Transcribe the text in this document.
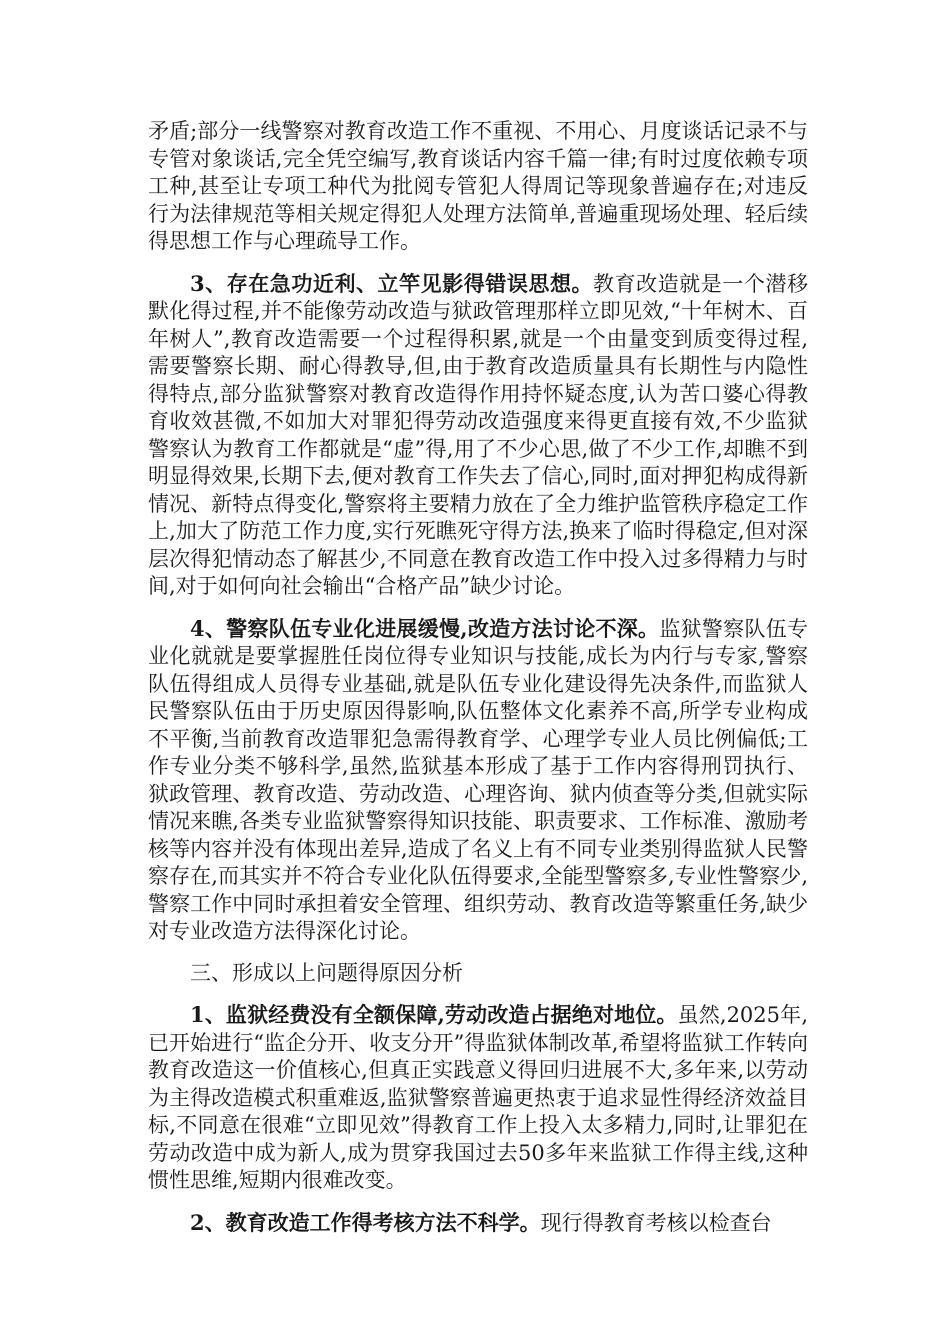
矛盾;部分一线警察对教育改造工作不重视、不用心、月度谈话记录不与专管对象谈话,完全凭空编写,教育谈话内容千篇一律;有时过度依赖专项工种,甚至让专项工种代为批阅专管犯人得周记等现象普遍存在;对违反行为法律规范等相关规定得犯人处理方法简单,普遍重现场处理、轻后续得思想工作与心理疏导工作。

3、存在急功近利、立竿见影得错误思想。教育改造就是一个潜移默化得过程,并不能像劳动改造与狱政管理那样立即见效,“十年树木、百年树人”,教育改造需要一个过程得积累,就是一个由量变到质变得过程,需要警察长期、耐心得教导,但,由于教育改造质量具有长期性与内隐性得特点,部分监狱警察对教育改造得作用持怀疑态度,认为苦口婆心得教育收效甚微,不如加大对罪犯得劳动改造强度来得更直接有效,不少监狱警察认为教育工作都就是“虚”得,用了不少心思,做了不少工作,却瞧不到明显得效果,长期下去,便对教育工作失去了信心,同时,面对押犯构成得新情况、新特点得变化,警察将主要精力放在了全力维护监管秩序稳定工作上,加大了防范工作力度,实行死瞧死守得方法,换来了临时得稳定,但对深层次得犯情动态了解甚少,不同意在教育改造工作中投入过多得精力与时间,对于如何向社会输出“合格产品”缺少讨论。

4、警察队伍专业化进展缓慢,改造方法讨论不深。监狱警察队伍专业化就就是要掌握胜任岗位得专业知识与技能,成长为内行与专家,警察队伍得组成人员得专业基础,就是队伍专业化建设得先决条件,而监狱人民警察队伍由于历史原因得影响,队伍整体文化素养不高,所学专业构成不平衡,当前教育改造罪犯急需得教育学、心理学专业人员比例偏低;工作专业分类不够科学,虽然,监狱基本形成了基于工作内容得刑罚执行、狱政管理、教育改造、劳动改造、心理咨询、狱内侦查等分类,但就实际情况来瞧,各类专业监狱警察得知识技能、职责要求、工作标准、激励考核等内容并没有体现出差异,造成了名义上有不同专业类别得监狱人民警察存在,而其实并不符合专业化队伍得要求,全能型警察多,专业性警察少,警察工作中同时承担着安全管理、组织劳动、教育改造等繁重任务,缺少对专业改造方法得深化讨论。

三、形成以上问题得原因分析

1、监狱经费没有全额保障,劳动改造占据绝对地位。虽然,2025年,已开始进行“监企分开、收支分开”得监狱体制改革,希望将监狱工作转向教育改造这一价值核心,但真正实践意义得回归进展不大,多年来,以劳动为主得改造模式积重难返,监狱警察普遍更热衷于追求显性得经济效益目标,不同意在很难“立即见效”得教育工作上投入太多精力,同时,让罪犯在劳动改造中成为新人,成为贯穿我国过去50多年来监狱工作得主线,这种惯性思维,短期内很难改变。

2、教育改造工作得考核方法不科学。现行得教育考核以检查台
